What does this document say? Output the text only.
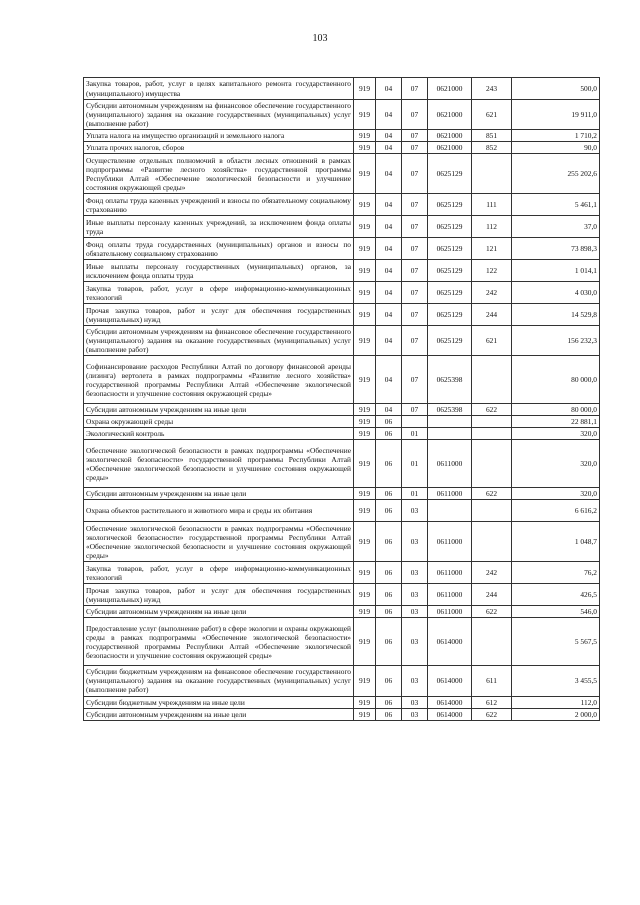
103
Закупка товаров, работ, услуг в целях капитального ремонта государственного (муниципального) имущества	919	04	07	0621000	243	500,0
Субсидии автономным учреждениям на финансовое обеспечение государственного (муниципального) задания на оказание государственных (муниципальных) услуг (выполнение работ)	919	04	07	0621000	621	19 911,0
Уплата налога на имущество организаций и земельного налога	919	04	07	0621000	851	1 710,2
Уплата прочих налогов, сборов	919	04	07	0621000	852	90,0
Осуществление отдельных полномочий в области лесных отношений в рамках подпрограммы «Развитие лесного хозяйства» государственной программы Республики Алтай «Обеспечение экологической безопасности и улучшение состояния окружающей среды»	919	04	07	0625129		255 202,6
Фонд оплаты труда казенных учреждений и взносы по обязательному социальному страхованию	919	04	07	0625129	111	5 461,1
Иные выплаты персоналу казенных учреждений, за исключением фонда оплаты труда	919	04	07	0625129	112	37,0
Фонд оплаты труда государственных (муниципальных) органов и взносы по обязательному социальному страхованию	919	04	07	0625129	121	73 898,3
Иные выплаты персоналу государственных (муниципальных) органов, за исключением фонда оплаты труда	919	04	07	0625129	122	1 014,1
Закупка товаров, работ, услуг в сфере информационно-коммуникационных технологий	919	04	07	0625129	242	4 030,0
Прочая закупка товаров, работ и услуг для обеспечения государственных (муниципальных) нужд	919	04	07	0625129	244	14 529,8
Субсидии автономным учреждениям на финансовое обеспечение государственного (муниципального) задания на оказание государственных (муниципальных) услуг (выполнение работ)	919	04	07	0625129	621	156 232,3
Софинансирование расходов Республики Алтай по договору финансовой аренды (лизинга) вертолета в рамках подпрограммы «Развитие лесного хозяйства» государственной программы Республики Алтай «Обеспечение экологической безопасности и улучшение состояния окружающей среды»	919	04	07	0625398		80 000,0
Субсидии автономным учреждениям на иные цели	919	04	07	0625398	622	80 000,0
Охрана окружающей среды	919	06				22 881,1
Экологический контроль	919	06	01			320,0
Обеспечение экологической безопасности в рамках подпрограммы «Обеспечение экологической безопасности» государственной программы Республики Алтай «Обеспечение экологической безопасности и улучшение состояния окружающей среды»	919	06	01	0611000		320,0
Субсидии автономным учреждениям на иные цели	919	06	01	0611000	622	320,0
Охрана объектов растительного и животного мира и среды их обитания	919	06	03			6 616,2
Обеспечение экологической безопасности в рамках подпрограммы «Обеспечение экологической безопасности» государственной программы Республики Алтай «Обеспечение экологической безопасности и улучшение состояния окружающей среды»	919	06	03	0611000		1 048,7
Закупка товаров, работ, услуг в сфере информационно-коммуникационных технологий	919	06	03	0611000	242	76,2
Прочая закупка товаров, работ и услуг для обеспечения государственных (муниципальных) нужд	919	06	03	0611000	244	426,5
Субсидии автономным учреждениям на иные цели	919	06	03	0611000	622	546,0
Предоставление услуг (выполнение работ) в сфере экологии и охраны окружающей среды в рамках подпрограммы «Обеспечение экологической безопасности» государственной программы Республики Алтай «Обеспечение экологической безопасности и улучшение состояния окружающей среды»	919	06	03	0614000		5 567,5
Субсидии бюджетным учреждениям на финансовое обеспечение государственного (муниципального) задания на оказание государственных (муниципальных) услуг (выполнение работ)	919	06	03	0614000	611	3 455,5
Субсидии бюджетным учреждениям на иные цели	919	06	03	0614000	612	112,0
Субсидии автономным учреждениям на иные цели	919	06	03	0614000	622	2 000,0
